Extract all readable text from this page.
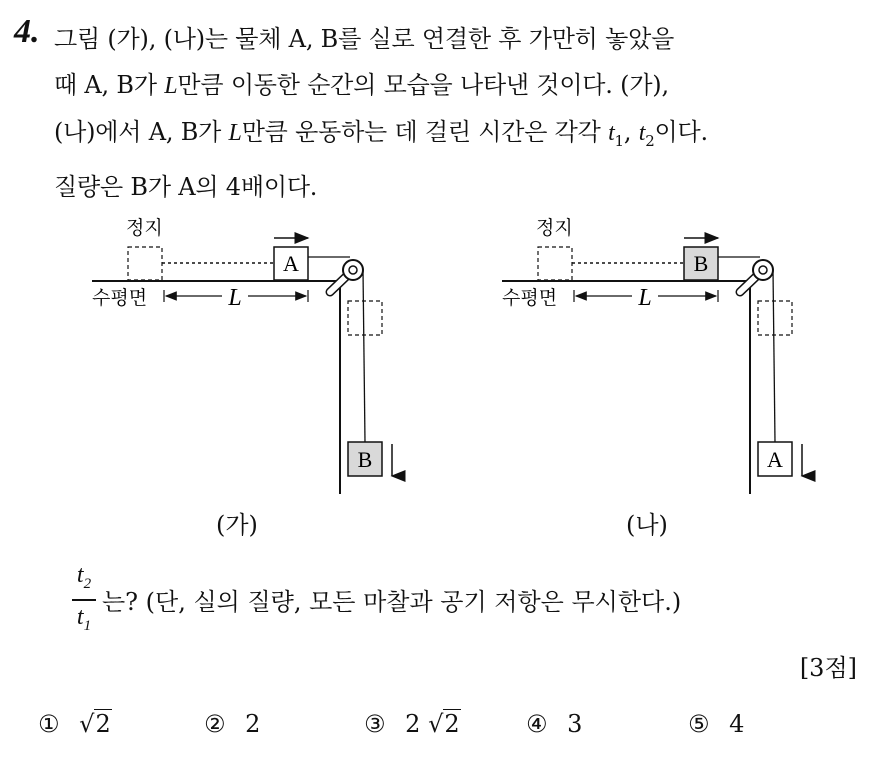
4. 그림 (가), (나)는 물체 A, B를 실로 연결한 후 가만히 놓았을
때 A, B가 L만큼 이동한 순간의 모습을 나타낸 것이다. (가),
(나)에서 A, B가 L만큼 운동하는 데 걸린 시간은 각각 $t_1$, $t_2$이다.
질량은 B가 A의 4배이다.
정지
A
수평면	L
B
정지
B
수평면	L
A
(가)	(나)
$t_2$
$t_1$
는? (단, 실의 질량, 모든 마찰과 공기 저항은 무시한다.)
[3점]
① √2	② 2	③ 2 √2	④ 3	⑤ 4
